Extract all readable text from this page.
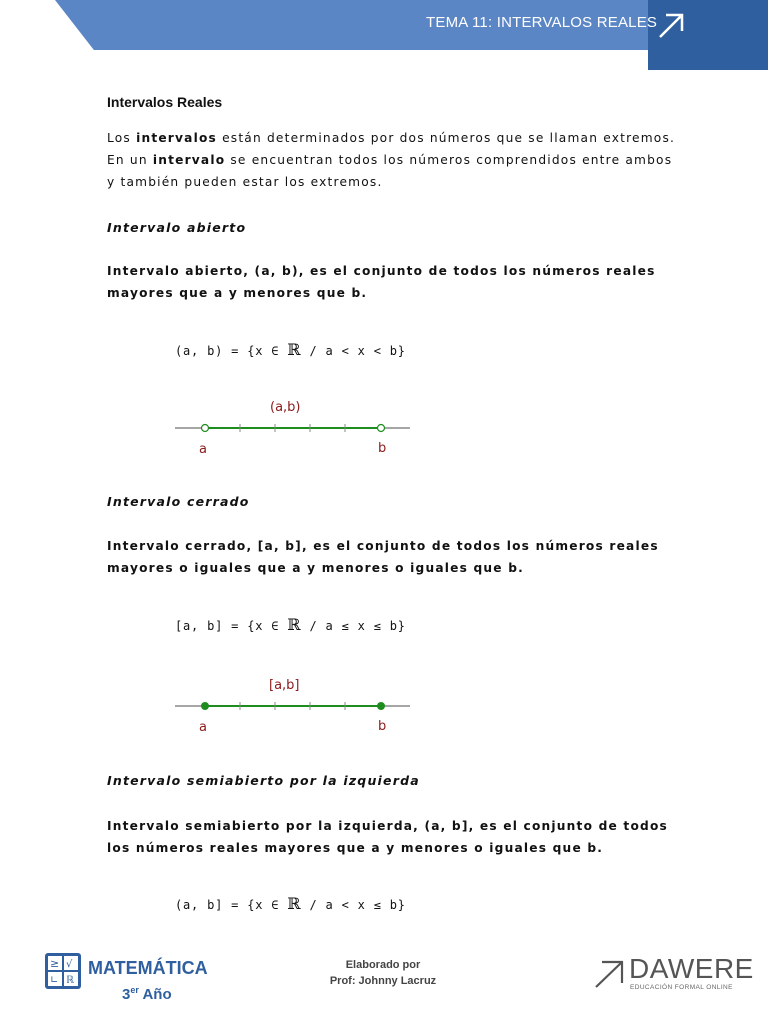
TEMA 11: INTERVALOS REALES
Intervalos Reales
Los intervalos están determinados por dos números que se llaman extremos. En un intervalo se encuentran todos los números comprendidos entre ambos y también pueden estar los extremos.
Intervalo abierto
Intervalo abierto, (a, b), es el conjunto de todos los números reales mayores que a y menores que b.
(a, b) = {x ∈ ℝ / a < x < b}
(a,b)
a	b
Intervalo cerrado
Intervalo cerrado, [a, b], es el conjunto de todos los números reales mayores o iguales que a y menores o iguales que b.
[a, b] = {x ∈ ℝ / a ≤ x ≤ b}
[a,b]
a	b
Intervalo semiabierto por la izquierda
Intervalo semiabierto por la izquierda, (a, b], es el conjunto de todos los números reales mayores que a y menores o iguales que b.
(a, b] = {x ∈ ℝ / a < x ≤ b}
≥ √
∟ ℝ
MATEMÁTICA
3er Año
Elaborado por
Prof: Johnny Lacruz	DAWERE
EDUCACIÓN FORMAL ONLINE
